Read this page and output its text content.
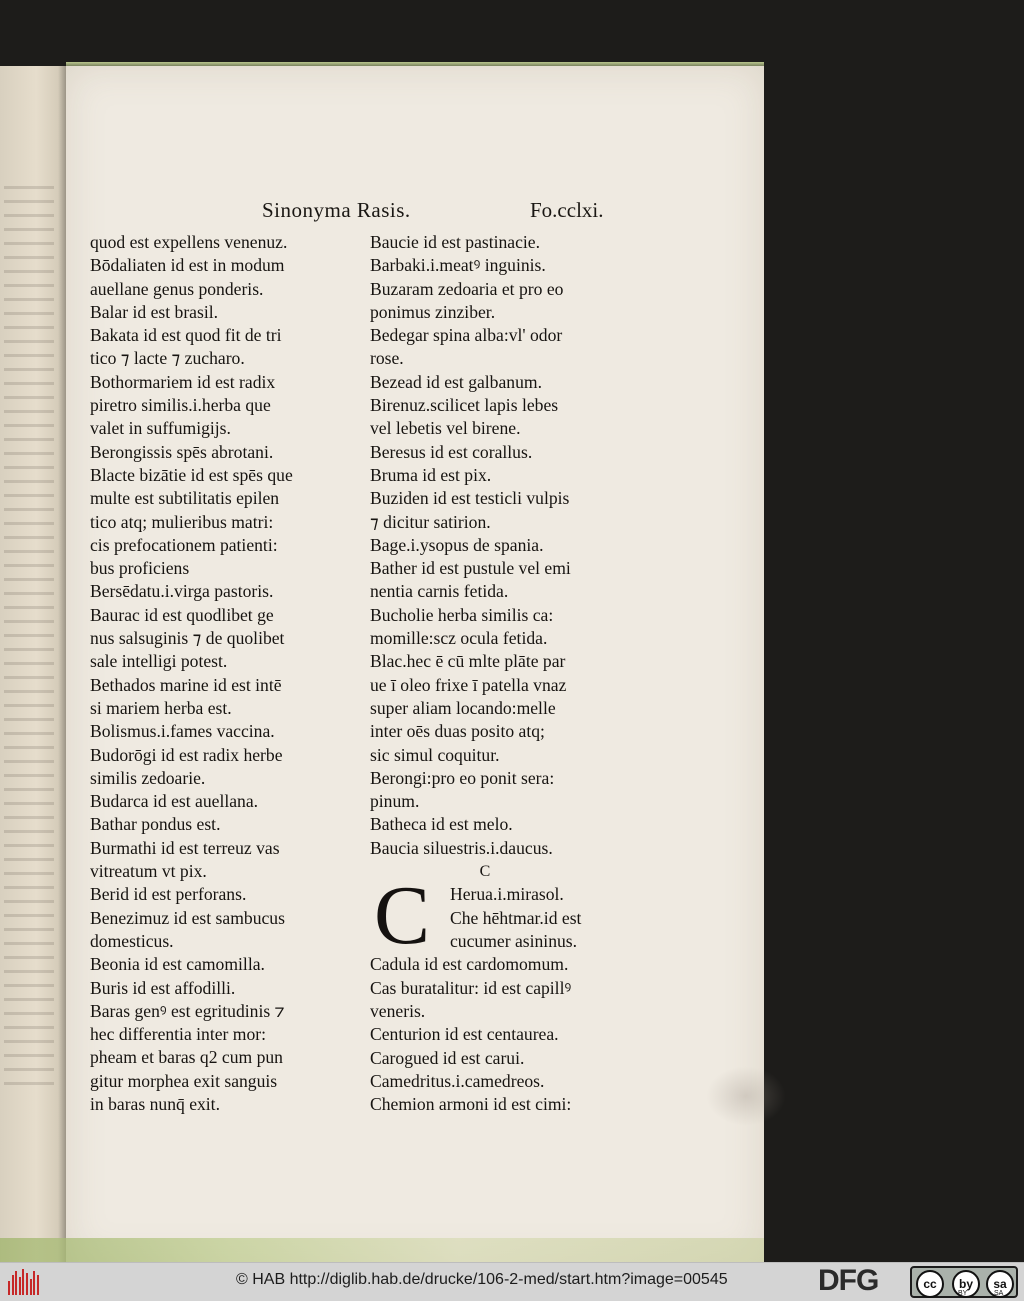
Sinonyma Rasis.	Fo.cclxi.
quod est expellens venenuz.
Bōdaliaten id est in modum
auellane genus ponderis.
Balar id est brasil.
Bakata id est quod fit de tri
tico ⁊ lacte ⁊ zucharo.
Bothormariem id est radix
piretro similis.i.herba que
valet in suffumigijs.
Berongissis spēs abrotani.
Blacte bizātie id est spēs que
multe est subtilitatis epilen
tico atq; mulieribus matri:
cis prefocationem patienti:
bus proficiens
Bersēdatu.i.virga pastoris.
Baurac id est quodlibet ge
nus salsuginis ⁊ de quolibet
sale intelligi potest.
Bethados marine id est intē
si mariem herba est.
Bolismus.i.fames vaccina.
Budorōgi id est radix herbe
similis zedoarie.
Budarca id est auellana.
Bathar pondus est.
Burmathi id est terreuz vas
vitreatum vt pix.
Berid id est perforans.
Benezimuz id est sambucus
domesticus.
Beonia id est camomilla.
Buris id est affodilli.
Baras genꝰ est egritudinis ⁊
hec differentia inter mor:
pheam et baras q2 cum pun
gitur morphea exit sanguis
in baras nunq̄ exit.
Baucie id est pastinacie.
Barbaki.i.meatꝰ inguinis.
Buzaram zedoaria et pro eo
ponimus zinziber.
Bedegar spina alba:vl' odor
rose.
Bezead id est galbanum.
Birenuz.scilicet lapis lebes
vel lebetis vel birene.
Beresus id est corallus.
Bruma id est pix.
Buziden id est testicli vulpis
⁊ dicitur satirion.
Bage.i.ysopus de spania.
Bather id est pustule vel emi
nentia carnis fetida.
Bucholie herba similis ca:
momille:scz ocula fetida.
Blac.hec ē cū mlte plāte par
ue ī oleo frixe ī patella vnaz
super aliam locando:melle
inter oēs duas posito atq;
sic simul coquitur.
Berongi:pro eo ponit sera:
pinum.
Batheca id est melo.
Baucia siluestris.i.daucus.
C
C	Herua.i.mirasol.
Che hēhtmar.id est
cucumer asininus.
Cadula id est cardomomum.
Cas buratalitur: id est capillꝰ
veneris.
Centurion id est centaurea.
Carogued id est carui.
Camedritus.i.camedreos.
Chemion armoni id est cimi:
© HAB http://diglib.hab.de/drucke/106-2-med/start.htm?image=00545	DFG	cc	by	sa
BY	SA
